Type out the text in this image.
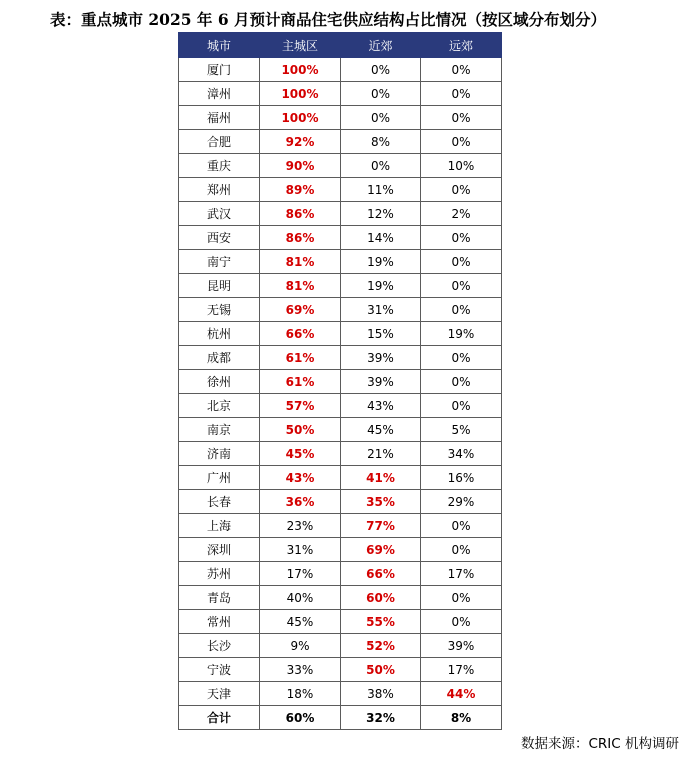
表：重点城市 2025 年 6 月预计商品住宅供应结构占比情况（按区域分布划分）
城市	主城区	近郊	远郊
厦门	100%	0%	0%
漳州	100%	0%	0%
福州	100%	0%	0%
合肥	92%	8%	0%
重庆	90%	0%	10%
郑州	89%	11%	0%
武汉	86%	12%	2%
西安	86%	14%	0%
南宁	81%	19%	0%
昆明	81%	19%	0%
无锡	69%	31%	0%
杭州	66%	15%	19%
成都	61%	39%	0%
徐州	61%	39%	0%
北京	57%	43%	0%
南京	50%	45%	5%
济南	45%	21%	34%
广州	43%	41%	16%
长春	36%	35%	29%
上海	23%	77%	0%
深圳	31%	69%	0%
苏州	17%	66%	17%
青岛	40%	60%	0%
常州	45%	55%	0%
长沙	9%	52%	39%
宁波	33%	50%	17%
天津	18%	38%	44%
合计	60%	32%	8%
数据来源：CRIC 机构调研
